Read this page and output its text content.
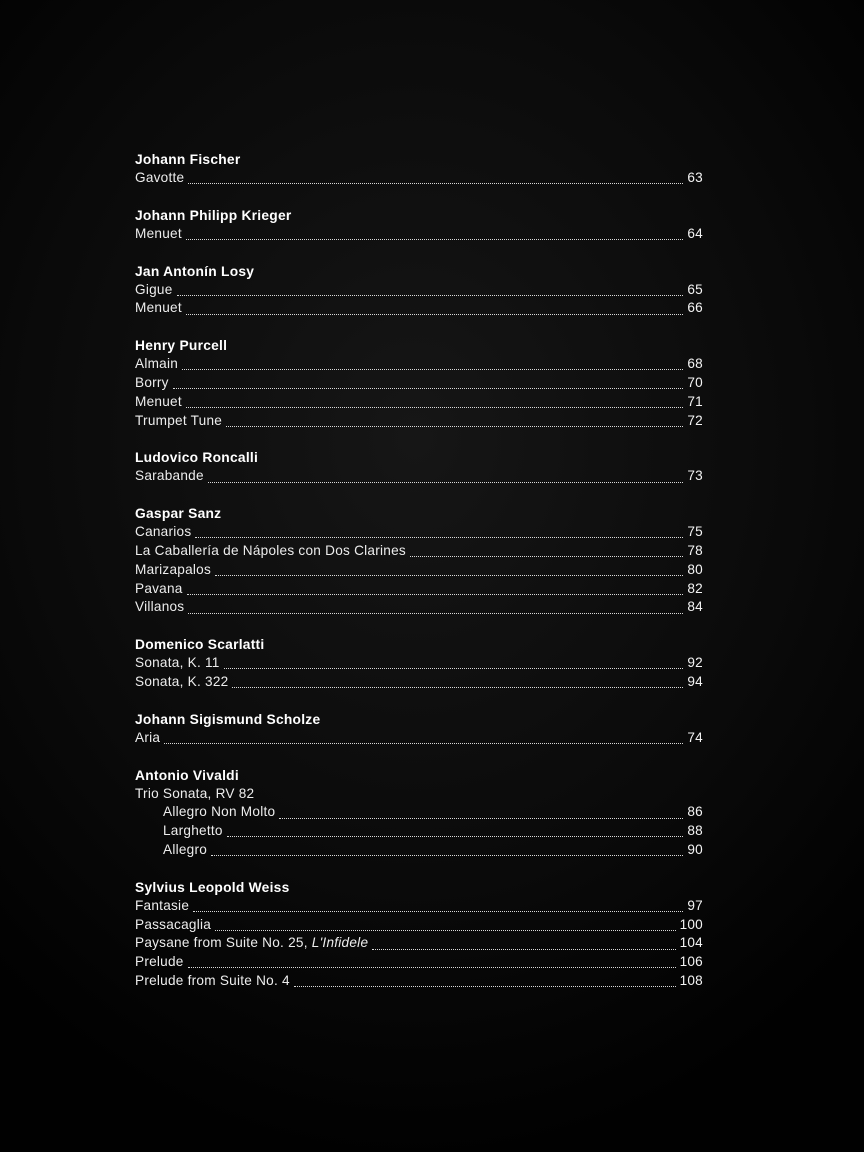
Johann Fischer
Gavotte	63
Johann Philipp Krieger
Menuet	64
Jan Antonín Losy
Gigue	65
Menuet	66
Henry Purcell
Almain	68
Borry	70
Menuet	71
Trumpet Tune	72
Ludovico Roncalli
Sarabande	73
Gaspar Sanz
Canarios	75
La Caballería de Nápoles con Dos Clarines	78
Marizapalos	80
Pavana	82
Villanos	84
Domenico Scarlatti
Sonata, K. 11	92
Sonata, K. 322	94
Johann Sigismund Scholze
Aria	74
Antonio Vivaldi
Trio Sonata, RV 82
Allegro Non Molto	86
Larghetto	88
Allegro	90
Sylvius Leopold Weiss
Fantasie	97
Passacaglia	100
Paysane from Suite No. 25, L'Infidele	104
Prelude	106
Prelude from Suite No. 4	108
